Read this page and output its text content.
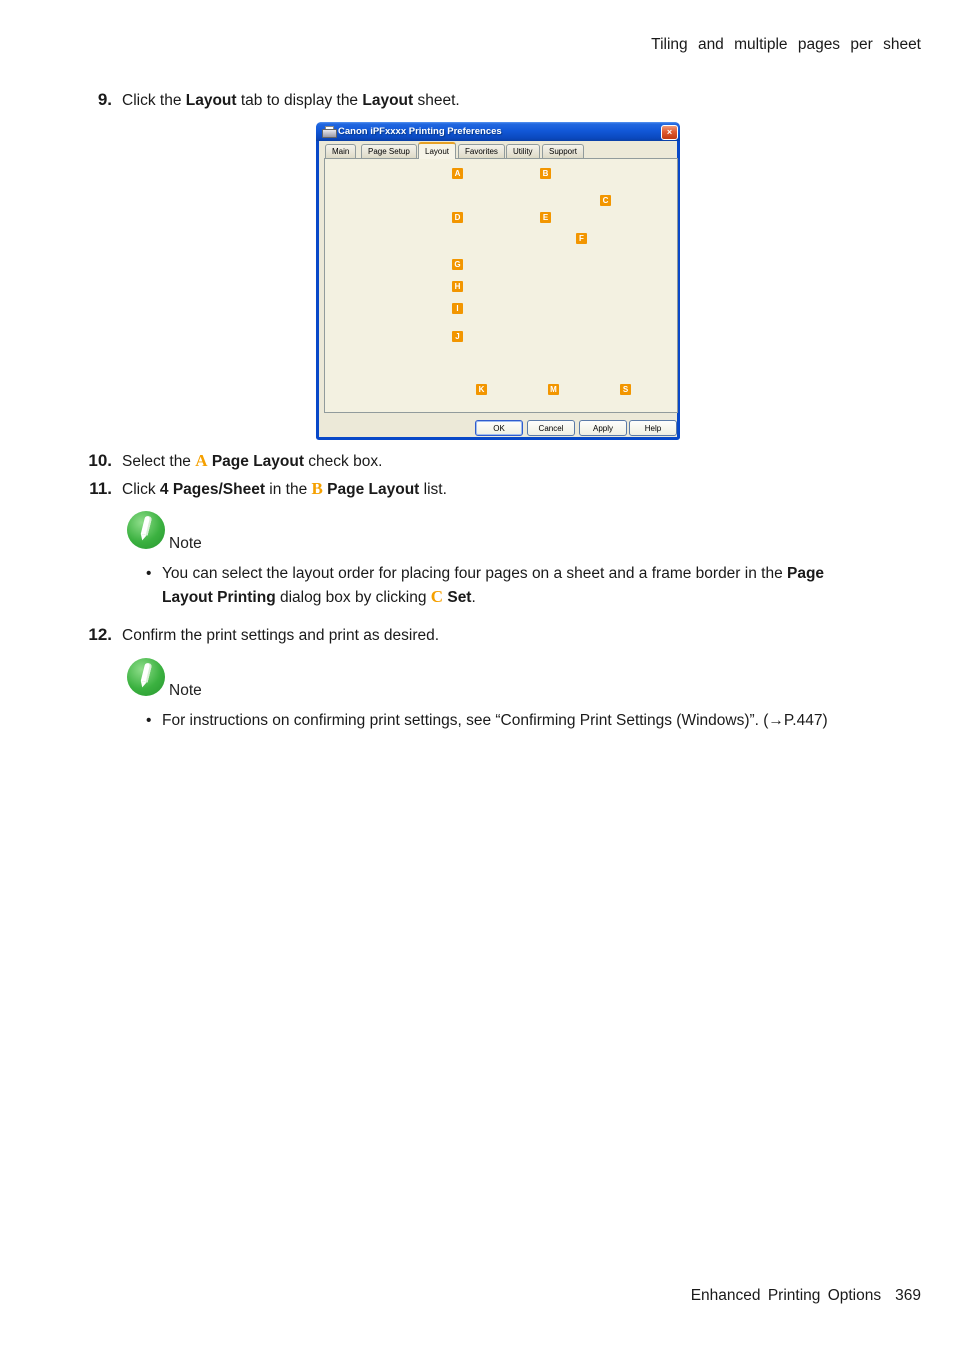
Tiling and multiple pages per sheet
9. Click the Layout tab to display the Layout sheet.
Canon iPFxxxx Printing Preferences	×
Main	Page Setup	Layout	Favorites	Utility	Support
A ✓	B
C
D ✓	E
F
G
H
I
J
K	M	S
OK	Cancel	Apply	Help
10. Select the A Page Layout check box.
11. Click 4 Pages/Sheet in the B Page Layout list.
Note
• You can select the layout order for placing four pages on a sheet and a frame border in the Page Layout Printing dialog box by clicking C Set.
12. Confirm the print settings and print as desired.
Note
• For instructions on confirming print settings, see “Confirming Print Settings (Windows)”. (→P.447)
Enhanced Printing Options 369
